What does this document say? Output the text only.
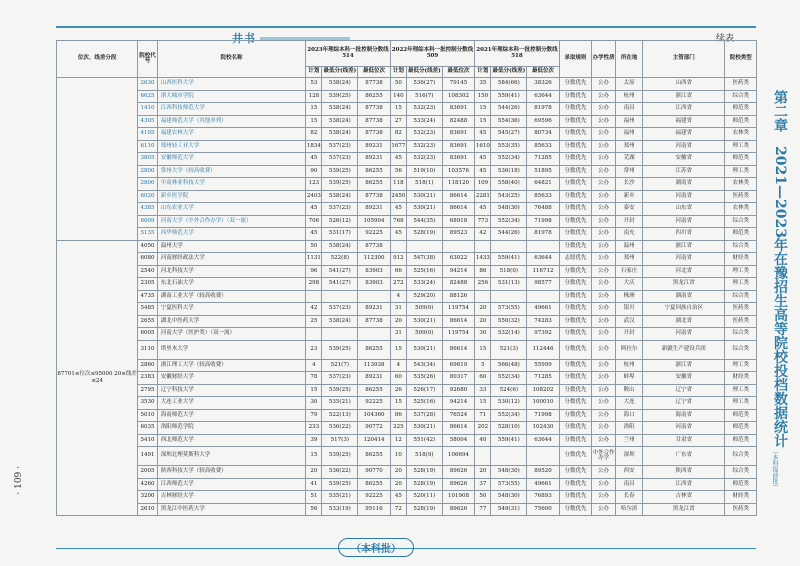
井书	续表
位次、线差分段	院校代号	院校名称	2023年理综本科一批控制分数线 514			2022年理综本科一批控制分数线 509			2021年理综本科一批控制分数线 518			录取规则	办学性质	所在地	主管部门	院校类型
			计划	最低分(线差)	最低位次	计划	最低分(线差)	最低位次	计划	最低分(线差)	最低位次					
	2630	山西医科大学	53	538(24)	87738	50	536(27)	79145	35	584(66)	38326	分数优先	公办	太原	山西省	医药类
	6625	浙大城市学院	128	539(25)	86255	140	516(7)	108302	150	559(41)	63644	分数优先	公办	杭州	浙江省	综合类
	1410	江西科技师范大学	15	538(24)	87738	15	532(23)	83691	15	544(26)	81978	分数优先	公办	南昌	江西省	师范类
	4305	福建师范大学（其他单列）	15	538(24)	87738	27	533(24)	82488	15	554(36)	69596	分数优先	公办	福州	福建省	师范类
	4105	福建农林大学	82	538(24)	87738	82	532(23)	83691	45	545(27)	80734	分数优先	公办	福州	福建省	农林类
	6110	郑州轻工业大学	1834	537(23)	89231	1677	532(23)	83691	1610	553(35)	85633	分数优先	公办	郑州	河南省	理工类
	3805	安徽师范大学	45	537(23)	89231	45	532(23)	83691	45	552(34)	71285	分数优先	公办	芜湖	安徽省	师范类
	2800	常州大学（较高收费）	90	539(25)	86255	56	519(10)	103576	45	536(18)	51895	分数优先	公办	常州	江苏省	理工类
	2800	中南林业科技大学	123	539(25)	86255	118	518(1)	118120	109	558(40)	64821	分数优先	公办	长沙	湖南省	农林类
	6020	新乡医学院	2403	538(24)	87738	2450	530(21)	86614	2281	543(25)	85633	分数优先	公办	新乡	河南省	医药类
	4385	山东农业大学	45	537(23)	89231	45	530(21)	86614	45	548(30)	76488	分数优先	公办	泰安	山东省	农林类
	6009	河南大学（中外合作办学）（双一流）	706	526(12)	105904	768	544(35)	68918	773	552(34)	71998	分数优先	公办	开封	河南省	综合类
	5135	西华师范大学	45	531(17)	92225	45	528(19)	89523	42	544(26)	81978	分数优先	公办	南充	四川省	师范类
87701≤位次≤95000 20≤线差≤24	4050	温州大学	50	538(24)	87738							分数优先	公办	温州	浙江省	综合类
	6080	河南财经政法大学	1131	522(8)	112300	912	547(38)	63022	1433	559(41)	63644	志愿优先	公办	郑州	河南省	财经类
	2540	河北科技大学	96	541(27)	83903	66	525(16)	94214	86	518(0)	116712	分数优先	公办	石家庄	河北省	理工类
	2305	东北石油大学	298	541(27)	83903	272	533(24)	82488	256	531(13)	98577	分数优先	公办	大庆	黑龙江省	理工类
	4735	湖南工业大学（较高收费）				4	529(20)	88126				分数优先	公办	株洲	湖南省	综合类
	5485	宁夏医科大学	42	537(23)	89231	31	509(0)	119754	20	573(55)	49661	分数优先	公办	银川	宁夏回族自治区	医药类
	2655	湖北中医药大学	25	538(24)	87738	20	530(21)	86614	20	550(32)	74283	分数优先	公办	武汉	湖北省	医药类
	6005	河南大学（医护类）（双一流）				31	509(0)	119754	30	532(14)	97392	分数优先	公办	开封	河南省	综合类
	3110	塔里木大学	23	539(25)	86255	15	530(21)	86614	15	521(3)	112446	分数优先	公办	阿拉尔	新疆生产建设兵团	综合类
	2860	浙江理工大学（较高收费）	4	521(7)	113938	4	543(34)	69619	5	566(48)	55999	分数优先	公办	杭州	浙江省	理工类
	2383	安徽财经大学	78	537(23)	89231	60	535(26)	80317	60	552(34)	71285	分数优先	公办	蚌埠	安徽省	财经类
	2795	辽宁科技大学	15	539(25)	86255	26	526(17)	92680	33	524(6)	108202	分数优先	公办	鞍山	辽宁省	理工类
	3530	大连工业大学	30	535(21)	92225	15	525(16)	94214	15	530(12)	100010	分数优先	公办	大连	辽宁省	理工类
	5010	海南师范大学	79	522(13)	104360	86	537(28)	76524	71	552(34)	71998	分数优先	公办	海口	海南省	师范类
	6035	洛阳师范学院	233	536(22)	90772	225	530(21)	86614	202	528(10)	102430	分数优先	公办	洛阳	河南省	师范类
	5410	西北师范大学	39	517(3)	120414	12	551(42)	58004	40	559(41)	63644	分数优先	公办	兰州	甘肃省	师范类
	1491	深圳北理莫斯科大学	15	539(25)	86255	10	518(9)	106694				分数优先	中外合作办学	深圳	广东省	综合类
	2005	陕西科技大学（较高收费）	20	536(22)	90770	20	528(19)	89626	20	548(30)	89520	分数优先	公办	西安	陕西省	综合类
	4260	江西师范大学	41	539(25)	86255	20	528(19)	89626	37	573(55)	49661	分数优先	公办	南昌	江西省	师范类
	3200	吉林财经大学	51	535(21)	92225	45	520(11)	101908	50	548(30)	76893	分数优先	公办	长春	吉林省	财经类
	2610	黑龙江中医药大学	56	533(19)	95116	72	528(19)	89626	77	549(31)	75600	分数优先	公办	哈尔滨	黑龙江省	医药类
第二章　2021—2023年在豫招生高等院校投档数据统计
（本科提前批）
· 109 ·
（本科批）
